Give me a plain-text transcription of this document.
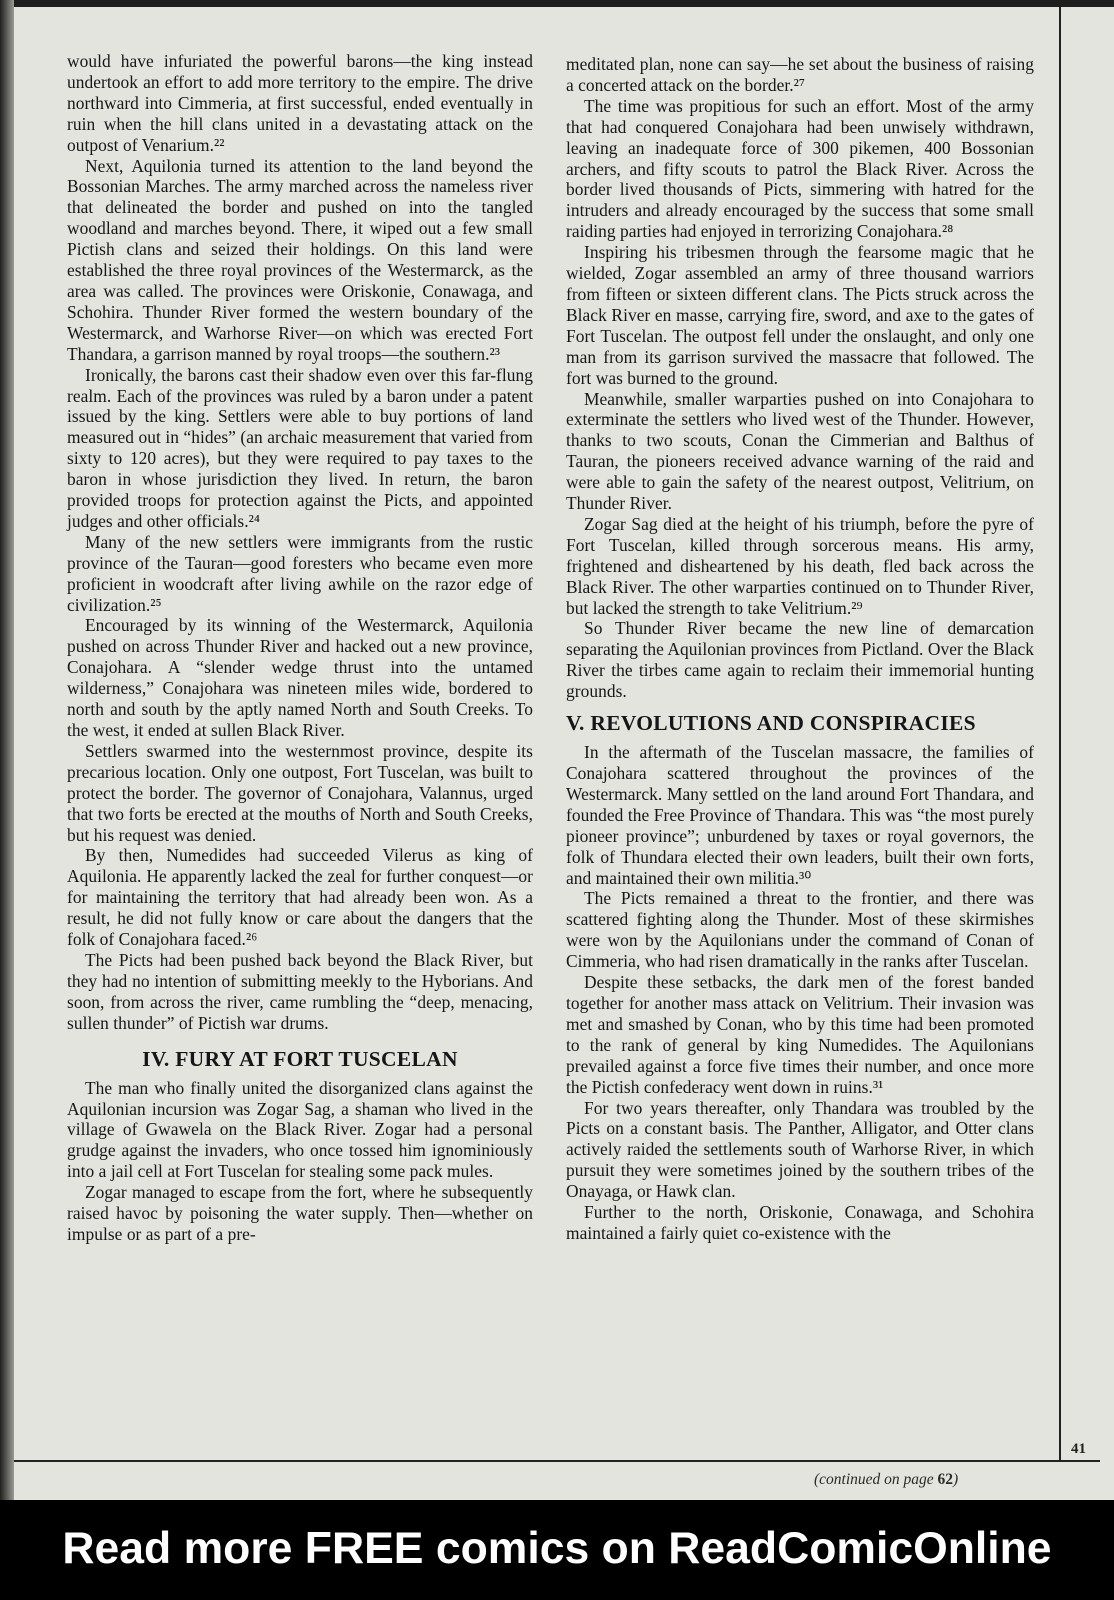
would have infuriated the powerful barons—the king instead undertook an effort to add more territory to the empire. The drive northward into Cimmeria, at first successful, ended eventually in ruin when the hill clans united in a devastating attack on the outpost of Venarium.²²

Next, Aquilonia turned its attention to the land beyond the Bossonian Marches. The army marched across the nameless river that delineated the border and pushed on into the tangled woodland and marches beyond. There, it wiped out a few small Pictish clans and seized their holdings. On this land were established the three royal provinces of the Westermarck, as the area was called. The provinces were Oriskonie, Conawaga, and Schohira. Thunder River formed the western boundary of the Westermarck, and Warhorse River—on which was erected Fort Thandara, a garrison manned by royal troops—the southern.²³

Ironically, the barons cast their shadow even over this far-flung realm. Each of the provinces was ruled by a baron under a patent issued by the king. Settlers were able to buy portions of land measured out in “hides” (an archaic measurement that varied from sixty to 120 acres), but they were required to pay taxes to the baron in whose jurisdiction they lived. In return, the baron provided troops for protection against the Picts, and appointed judges and other officials.²⁴

Many of the new settlers were immigrants from the rustic province of the Tauran—good foresters who became even more proficient in woodcraft after living awhile on the razor edge of civilization.²⁵

Encouraged by its winning of the Westermarck, Aquilonia pushed on across Thunder River and hacked out a new province, Conajohara. A “slender wedge thrust into the untamed wilderness,” Conajohara was nineteen miles wide, bordered to north and south by the aptly named North and South Creeks. To the west, it ended at sullen Black River.

Settlers swarmed into the westernmost province, despite its precarious location. Only one outpost, Fort Tuscelan, was built to protect the border. The governor of Conajohara, Valannus, urged that two forts be erected at the mouths of North and South Creeks, but his request was denied.

By then, Numedides had succeeded Vilerus as king of Aquilonia. He apparently lacked the zeal for further conquest—or for maintaining the territory that had already been won. As a result, he did not fully know or care about the dangers that the folk of Conajohara faced.²⁶

The Picts had been pushed back beyond the Black River, but they had no intention of submitting meekly to the Hyborians. And soon, from across the river, came rumbling the “deep, menacing, sullen thunder” of Pictish war drums.

IV. FURY AT FORT TUSCELAN

The man who finally united the disorganized clans against the Aquilonian incursion was Zogar Sag, a shaman who lived in the village of Gwawela on the Black River. Zogar had a personal grudge against the invaders, who once tossed him ignominiously into a jail cell at Fort Tuscelan for stealing some pack mules.

Zogar managed to escape from the fort, where he subsequently raised havoc by poisoning the water supply. Then—whether on impulse or as part of a pre-

meditated plan, none can say—he set about the business of raising a concerted attack on the border.²⁷

The time was propitious for such an effort. Most of the army that had conquered Conajohara had been unwisely withdrawn, leaving an inadequate force of 300 pikemen, 400 Bossonian archers, and fifty scouts to patrol the Black River. Across the border lived thousands of Picts, simmering with hatred for the intruders and already encouraged by the success that some small raiding parties had enjoyed in terrorizing Conajohara.²⁸

Inspiring his tribesmen through the fearsome magic that he wielded, Zogar assembled an army of three thousand warriors from fifteen or sixteen different clans. The Picts struck across the Black River en masse, carrying fire, sword, and axe to the gates of Fort Tuscelan. The outpost fell under the onslaught, and only one man from its garrison survived the massacre that followed. The fort was burned to the ground.

Meanwhile, smaller warparties pushed on into Conajohara to exterminate the settlers who lived west of the Thunder. However, thanks to two scouts, Conan the Cimmerian and Balthus of Tauran, the pioneers received advance warning of the raid and were able to gain the safety of the nearest outpost, Velitrium, on Thunder River.

Zogar Sag died at the height of his triumph, before the pyre of Fort Tuscelan, killed through sorcerous means. His army, frightened and disheartened by his death, fled back across the Black River. The other warparties continued on to Thunder River, but lacked the strength to take Velitrium.²⁹

So Thunder River became the new line of demarcation separating the Aquilonian provinces from Pictland. Over the Black River the tirbes came again to reclaim their immemorial hunting grounds.

V. REVOLUTIONS AND CONSPIRACIES

In the aftermath of the Tuscelan massacre, the families of Conajohara scattered throughout the provinces of the Westermarck. Many settled on the land around Fort Thandara, and founded the Free Province of Thandara. This was “the most purely pioneer province”; unburdened by taxes or royal governors, the folk of Thundara elected their own leaders, built their own forts, and maintained their own militia.³⁰

The Picts remained a threat to the frontier, and there was scattered fighting along the Thunder. Most of these skirmishes were won by the Aquilonians under the command of Conan of Cimmeria, who had risen dramatically in the ranks after Tuscelan.

Despite these setbacks, the dark men of the forest banded together for another mass attack on Velitrium. Their invasion was met and smashed by Conan, who by this time had been promoted to the rank of general by king Numedides. The Aquilonians prevailed against a force five times their number, and once more the Pictish confederacy went down in ruins.³¹

For two years thereafter, only Thandara was troubled by the Picts on a constant basis. The Panther, Alligator, and Otter clans actively raided the settlements south of Warhorse River, in which pursuit they were sometimes joined by the southern tribes of the Onayaga, or Hawk clan.

Further to the north, Oriskonie, Conawaga, and Schohira maintained a fairly quiet co-existence with the

41
(continued on page 62)
Read more FREE comics on ReadComicOnline
